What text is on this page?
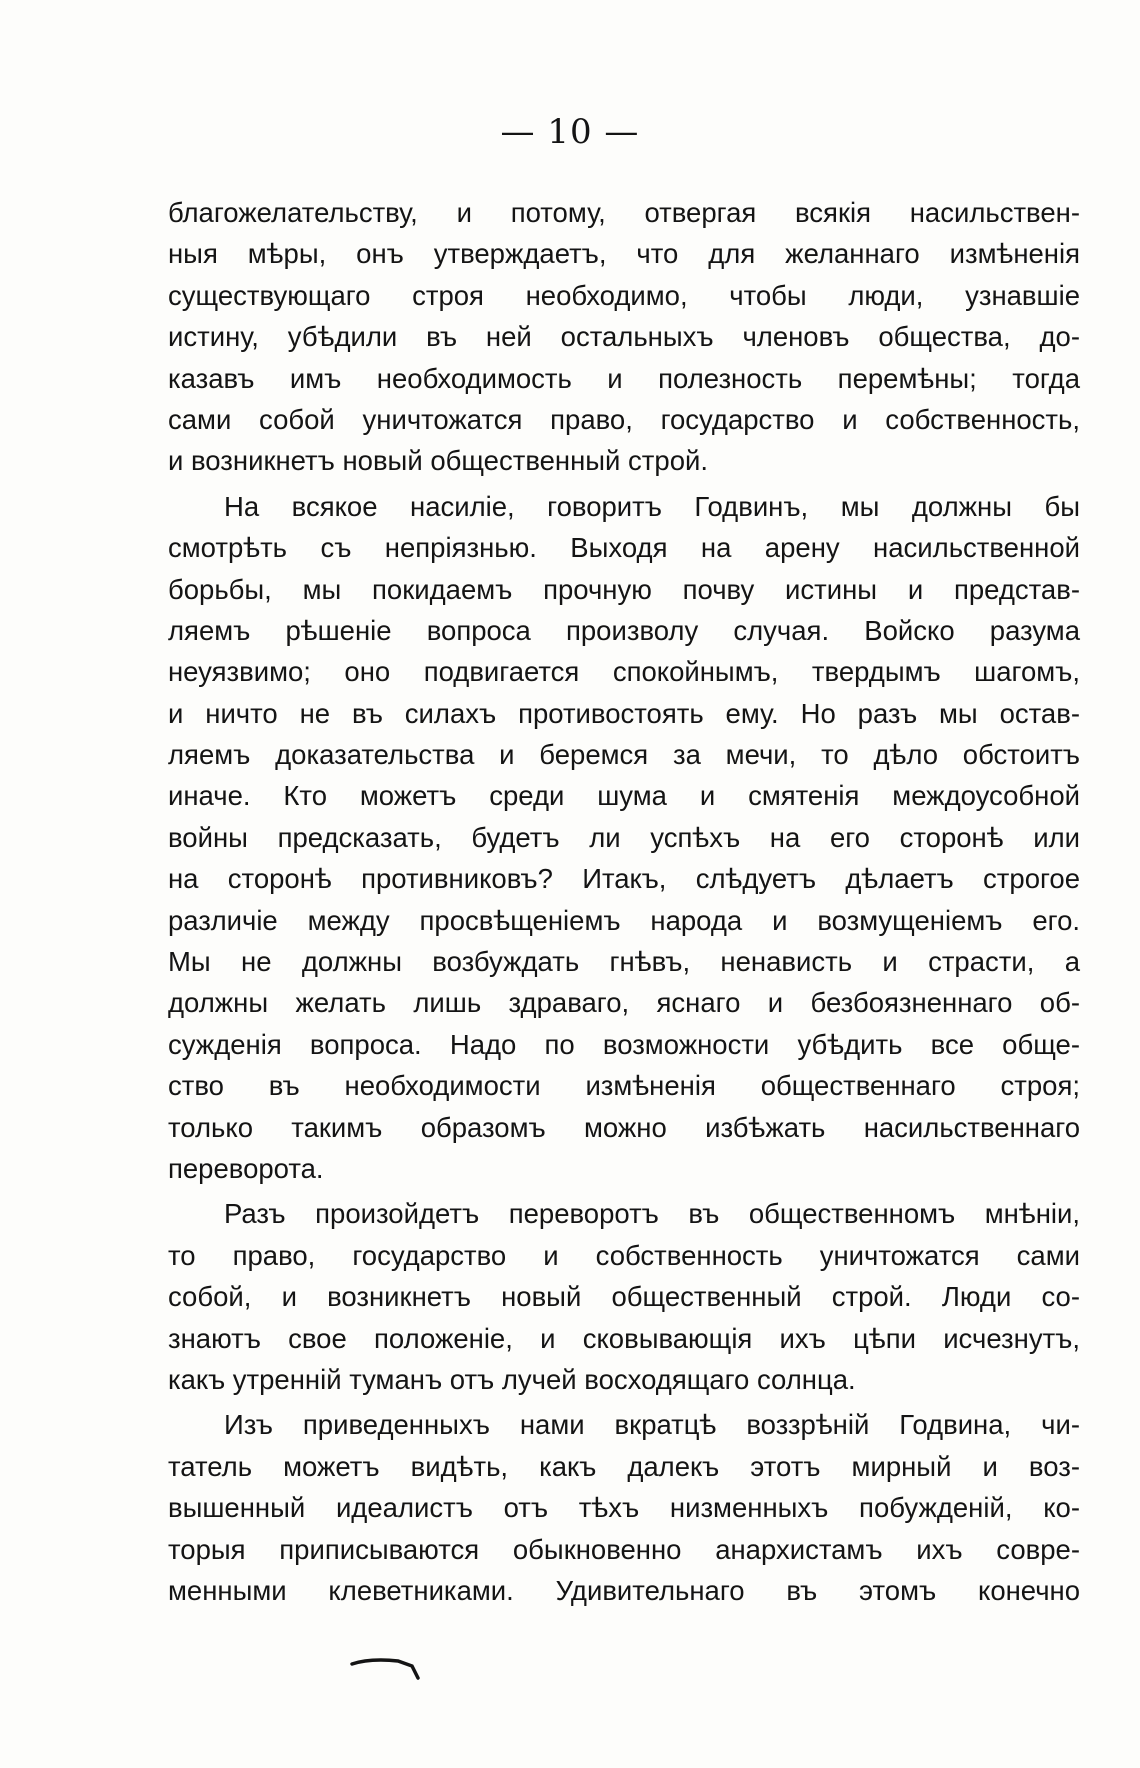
— 10 —
благожелательству, и потому, отвергая всякія насильствен-
ныя мѣры, онъ утверждаетъ, что для желаннаго измѣненія
существующаго строя необходимо, чтобы люди, узнавшіе
истину, убѣдили въ ней остальныхъ членовъ общества, до-
казавъ имъ необходимость и полезность перемѣны; тогда
сами собой уничтожатся право, государство и собственность,
и возникнетъ новый общественный строй.
На всякое насиліе, говоритъ Годвинъ, мы должны бы
смотрѣть съ непріязнью. Выходя на арену насильственной
борьбы, мы покидаемъ прочную почву истины и представ-
ляемъ рѣшеніе вопроса произволу случая. Войско разума
неуязвимо; оно подвигается спокойнымъ, твердымъ шагомъ,
и ничто не въ силахъ противостоять ему. Но разъ мы остав-
ляемъ доказательства и беремся за мечи, то дѣло обстоитъ
иначе. Кто можетъ среди шума и смятенія междоусобной
войны предсказать, будетъ ли успѣхъ на его сторонѣ или
на сторонѣ противниковъ? Итакъ, слѣдуетъ дѣлаетъ строгое
различіе между просвѣщеніемъ народа и возмущеніемъ его.
Мы не должны возбуждать гнѣвъ, ненависть и страсти, а
должны желать лишь здраваго, яснаго и безбоязненнаго об-
сужденія вопроса. Надо по возможности убѣдить все обще-
ство въ необходимости измѣненія общественнаго строя;
только такимъ образомъ можно избѣжать насильственнаго
переворота.
Разъ произойдетъ переворотъ въ общественномъ мнѣніи,
то право, государство и собственность уничтожатся сами
собой, и возникнетъ новый общественный строй. Люди со-
знаютъ свое положеніе, и сковывающія ихъ цѣпи исчезнутъ,
какъ утренній туманъ отъ лучей восходящаго солнца.
Изъ приведенныхъ нами вкратцѣ воззрѣній Годвина, чи-
татель можетъ видѣть, какъ далекъ этотъ мирный и воз-
вышенный идеалистъ отъ тѣхъ низменныхъ побужденій, ко-
торыя приписываются обыкновенно анархистамъ ихъ совре-
менными клеветниками. Удивительнаго въ этомъ конечно
